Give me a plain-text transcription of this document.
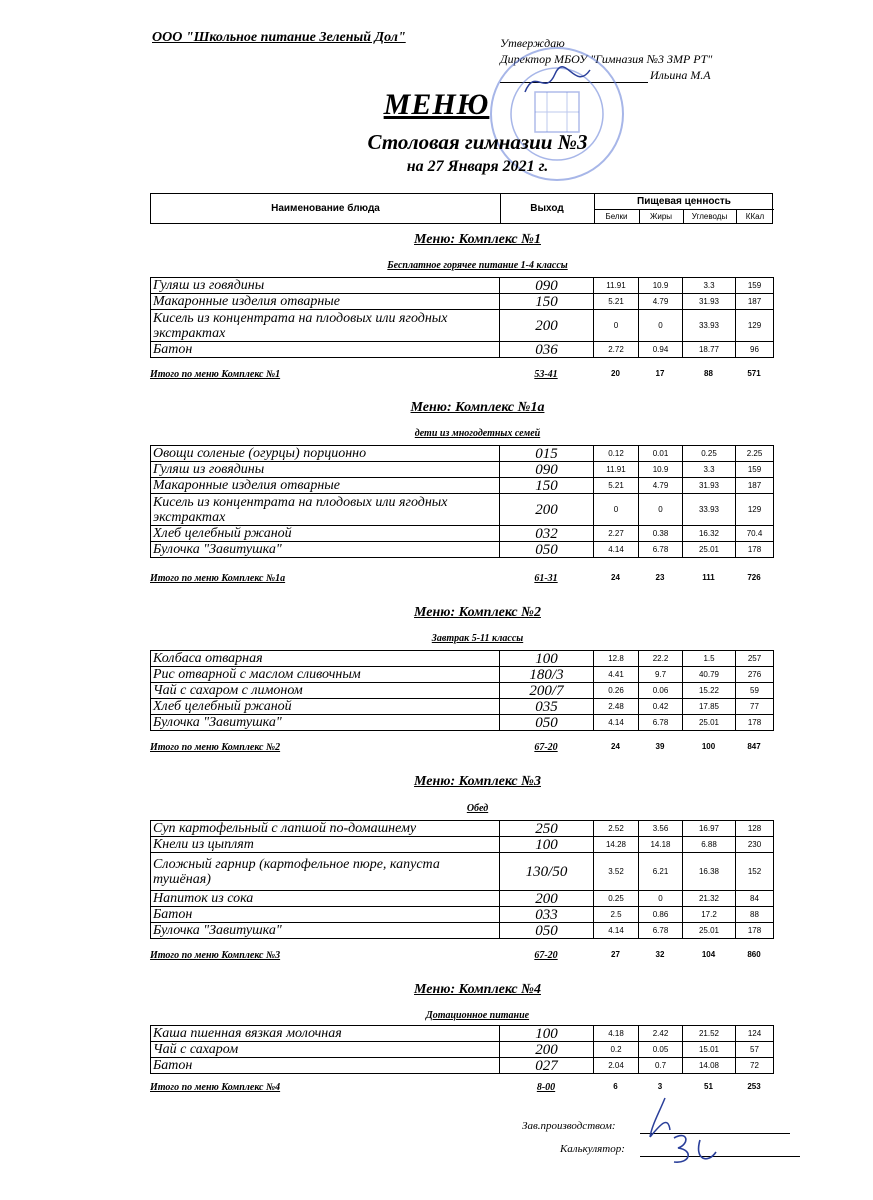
ООО "Школьное питание Зеленый Дол"	Утверждаю
Директор МБОУ "Гимназия №3 ЗМР РТ"
Ильина М.А
МЕНЮ
Столовая гимназии №3
на 27 Января 2021 г.
Наименование блюда	Выход
Пищевая ценность
Белки	Жиры	Углеводы	ККал
Меню: Комплекс №1
Бесплатное горячее питание 1-4 классы
Гуляш из говядины	090	11.91	10.9	3.3	159
Макаронные изделия отварные	150	5.21	4.79	31.93	187
Кисель из концентрата на плодовых или ягодных экстрактах	200	0	0	33.93	129
Батон	036	2.72	0.94	18.77	96
Итого по меню Комплекс №1	53-41	20	17	88	571
Меню: Комплекс №1а
дети из многодетных семей
Овощи соленые (огурцы) порционно	015	0.12	0.01	0.25	2.25
Гуляш из говядины	090	11.91	10.9	3.3	159
Макаронные изделия отварные	150	5.21	4.79	31.93	187
Кисель из концентрата на плодовых или ягодных экстрактах	200	0	0	33.93	129
Хлеб целебный ржаной	032	2.27	0.38	16.32	70.4
Булочка "Завитушка"	050	4.14	6.78	25.01	178
Итого по меню Комплекс №1а	61-31	24	23	111	726
Меню: Комплекс №2
Завтрак 5-11 классы
Колбаса отварная	100	12.8	22.2	1.5	257
Рис отварной с маслом сливочным	180/3	4.41	9.7	40.79	276
Чай с сахаром с лимоном	200/7	0.26	0.06	15.22	59
Хлеб целебный ржаной	035	2.48	0.42	17.85	77
Булочка "Завитушка"	050	4.14	6.78	25.01	178
Итого по меню Комплекс №2	67-20	24	39	100	847
Меню: Комплекс №3
Обед
Суп картофельный с лапшой по-домашнему	250	2.52	3.56	16.97	128
Кнели из цыплят	100	14.28	14.18	6.88	230
Сложный гарнир (картофельное пюре, капуста тушёная)	130/50	3.52	6.21	16.38	152
Напиток из сока	200	0.25	0	21.32	84
Батон	033	2.5	0.86	17.2	88
Булочка "Завитушка"	050	4.14	6.78	25.01	178
Итого по меню Комплекс №3	67-20	27	32	104	860
Меню: Комплекс №4
Дотационное питание
Каша пшенная вязкая молочная	100	4.18	2.42	21.52	124
Чай с сахаром	200	0.2	0.05	15.01	57
Батон	027	2.04	0.7	14.08	72
Итого по меню Комплекс №4	8-00	6	3	51	253
Зав.производством:
Калькулятор:
